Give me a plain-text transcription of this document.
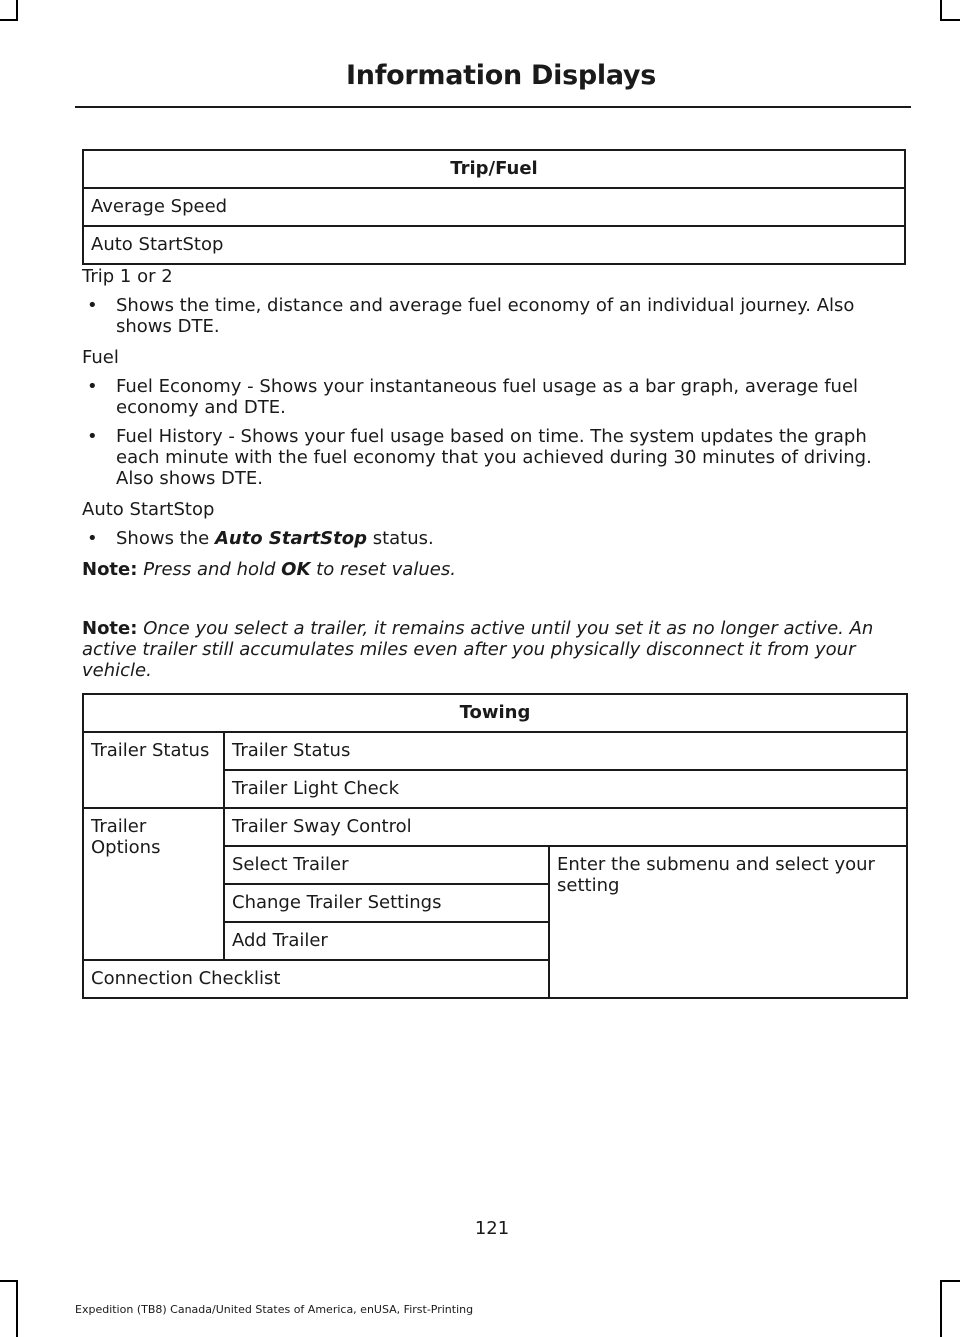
Information Displays
Trip/Fuel
Average Speed
Auto StartStop

Trip 1 or 2

• Shows the time, distance and average fuel economy of an individual journey. Also shows DTE.

Fuel

• Fuel Economy - Shows your instantaneous fuel usage as a bar graph, average fuel economy and DTE.
• Fuel History - Shows your fuel usage based on time. The system updates the graph each minute with the fuel economy that you achieved during 30 minutes of driving. Also shows DTE.

Auto StartStop

• Shows the Auto StartStop status.

Note: Press and hold OK to reset values.

Note: Once you select a trailer, it remains active until you set it as no longer active. An active trailer still accumulates miles even after you physically disconnect it from your vehicle.

Towing		
Trailer Status	Trailer Status	
	Trailer Light Check	
Trailer Options	Trailer Sway Control	
	Select Trailer	Enter the submenu and select your setting
	Change Trailer Settings	
	Add Trailer	
Connection Checklist		
121
Expedition (TB8) Canada/United States of America, enUSA, First-Printing
